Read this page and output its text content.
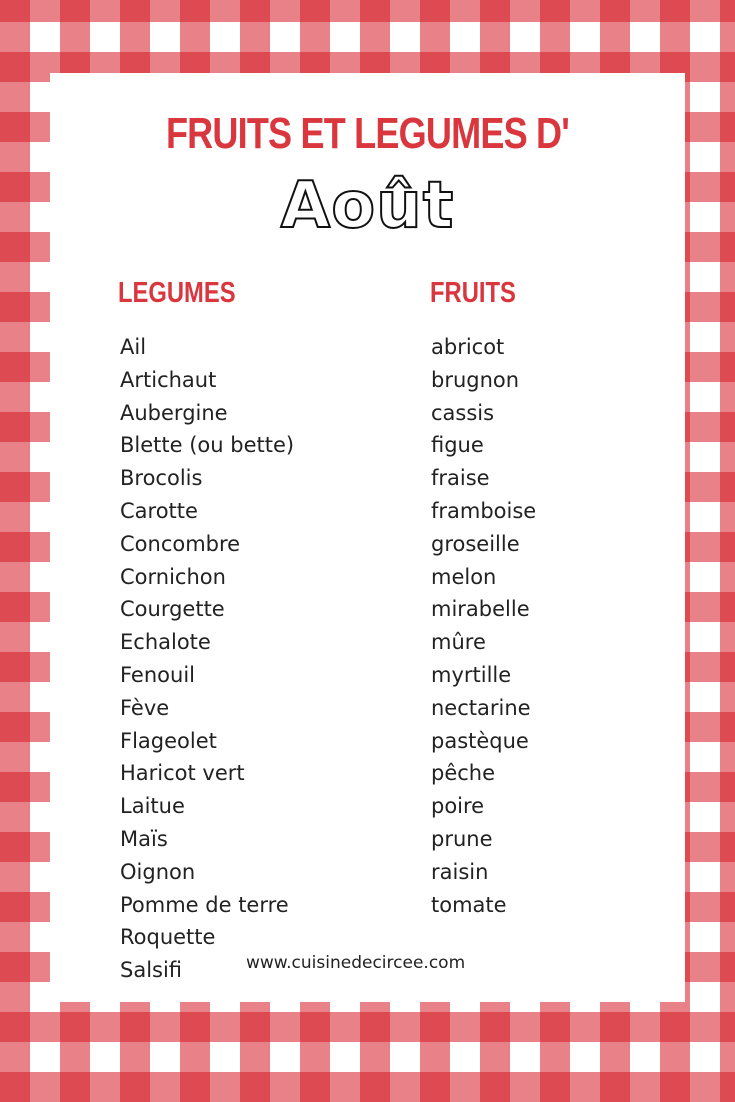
FRUITS ET LEGUMES D'
Août
LEGUMES	FRUITS
Ail
Artichaut
Aubergine
Blette (ou bette)
Brocolis
Carotte
Concombre
Cornichon
Courgette
Echalote
Fenouil
Fève
Flageolet
Haricot vert
Laitue
Maïs
Oignon
Pomme de terre
Roquette
Salsifi
abricot
brugnon
cassis
figue
fraise
framboise
groseille
melon
mirabelle
mûre
myrtille
nectarine
pastèque
pêche
poire
prune
raisin
tomate
www.cuisinedecircee.com
